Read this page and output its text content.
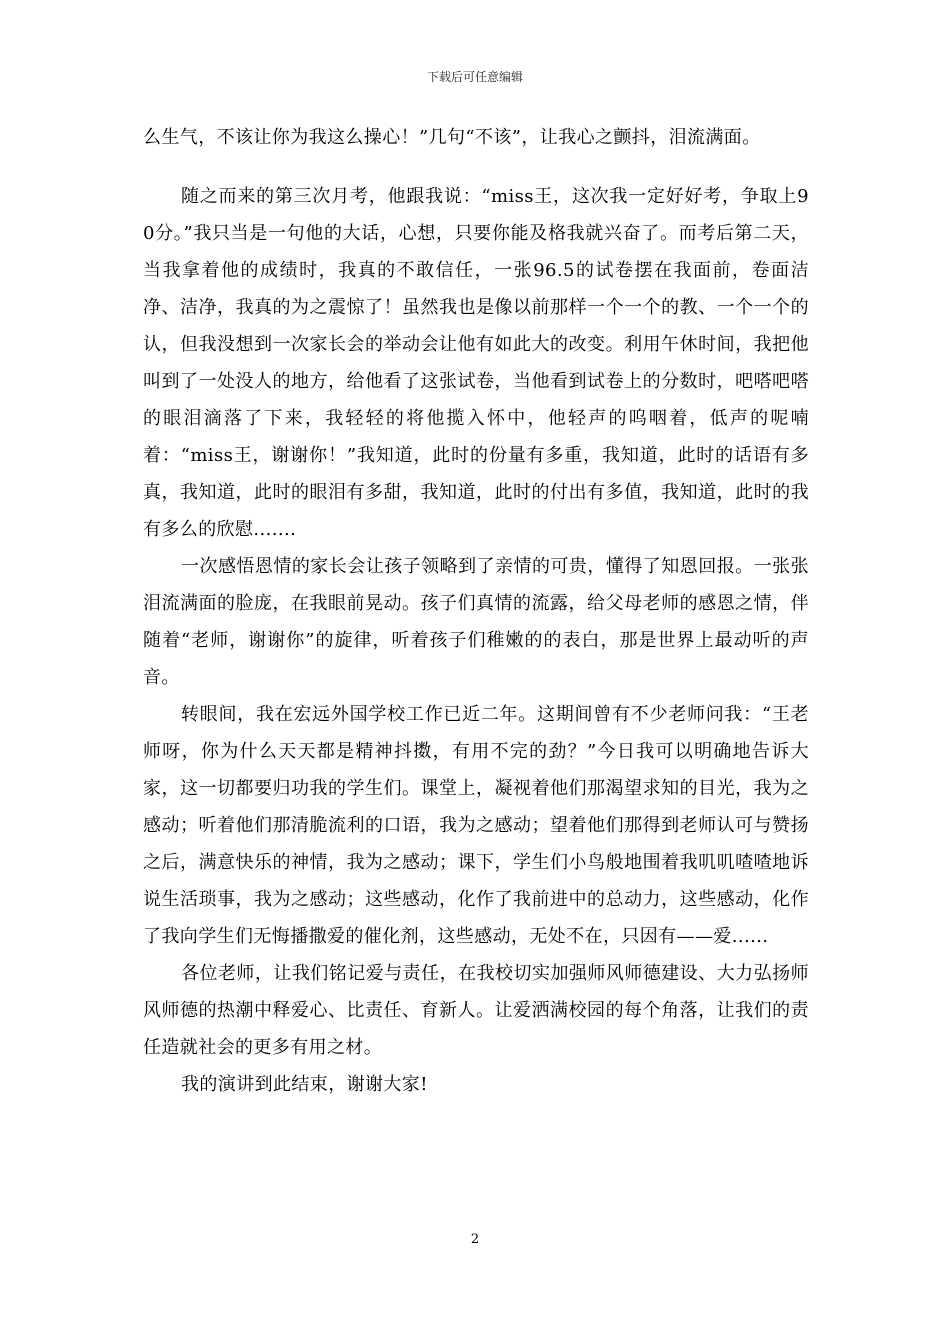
下载后可任意编辑

么生气，不该让你为我这么操心！”几句“不该”，让我心之颤抖，泪流满面。

随之而来的第三次月考，他跟我说：“miss王，这次我一定好好考，争取上90分。”我只当是一句他的大话，心想，只要你能及格我就兴奋了。而考后第二天，当我拿着他的成绩时，我真的不敢信任，一张96.5的试卷摆在我面前，卷面洁净、洁净，我真的为之震惊了！虽然我也是像以前那样一个一个的教、一个一个的认，但我没想到一次家长会的举动会让他有如此大的改变。利用午休时间，我把他叫到了一处没人的地方，给他看了这张试卷，当他看到试卷上的分数时，吧嗒吧嗒的眼泪滴落了下来，我轻轻的将他揽入怀中，他轻声的呜咽着，低声的呢喃着：“miss王，谢谢你！”我知道，此时的份量有多重，我知道，此时的话语有多真，我知道，此时的眼泪有多甜，我知道，此时的付出有多值，我知道，此时的我有多么的欣慰.......

一次感悟恩情的家长会让孩子领略到了亲情的可贵，懂得了知恩回报。一张张泪流满面的脸庞，在我眼前晃动。孩子们真情的流露，给父母老师的感恩之情，伴随着“老师，谢谢你”的旋律，听着孩子们稚嫩的的表白，那是世界上最动听的声音。

转眼间，我在宏远外国学校工作已近二年。这期间曾有不少老师问我：“王老师呀，你为什么天天都是精神抖擞，有用不完的劲？”今日我可以明确地告诉大家，这一切都要归功我的学生们。课堂上，凝视着他们那渴望求知的目光，我为之感动；听着他们那清脆流利的口语，我为之感动；望着他们那得到老师认可与赞扬之后，满意快乐的神情，我为之感动；课下，学生们小鸟般地围着我叽叽喳喳地诉说生活琐事，我为之感动；这些感动，化作了我前进中的总动力，这些感动，化作了我向学生们无悔播撒爱的催化剂，这些感动，无处不在，只因有——爱......

各位老师，让我们铭记爱与责任，在我校切实加强师风师德建设、大力弘扬师风师德的热潮中释爱心、比责任、育新人。让爱洒满校园的每个角落，让我们的责任造就社会的更多有用之材。

我的演讲到此结束，谢谢大家!

2
